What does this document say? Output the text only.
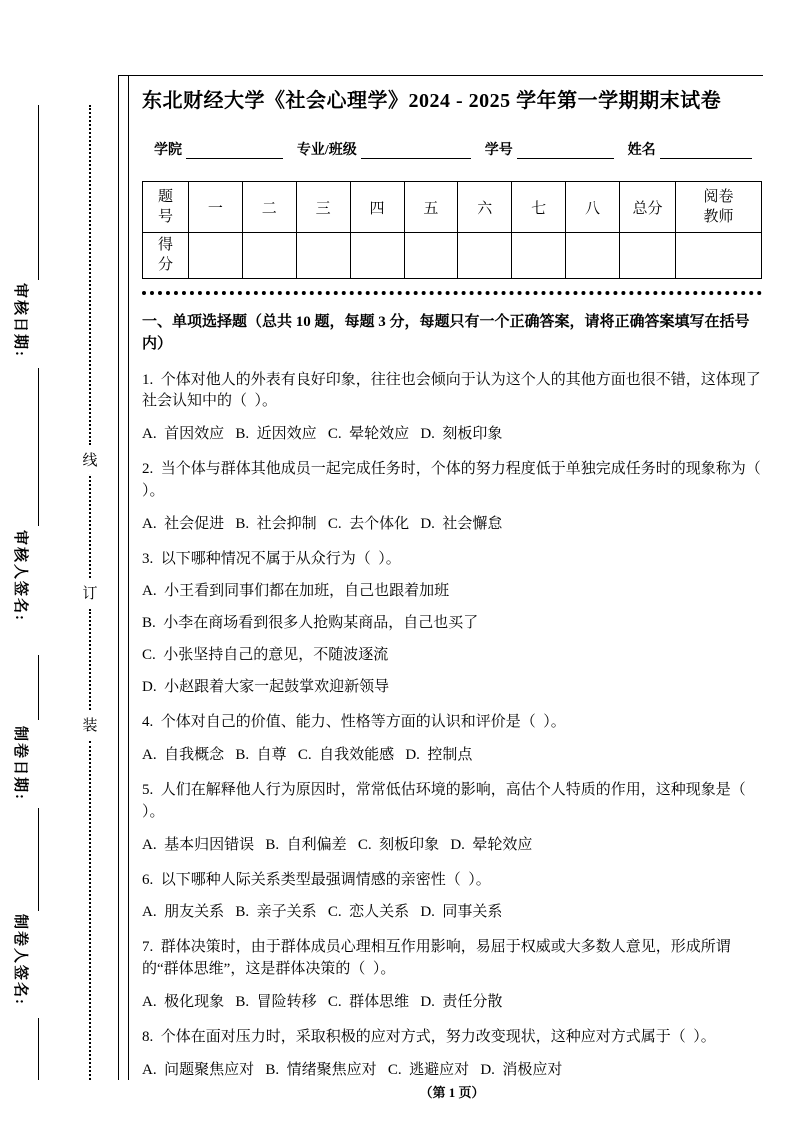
审核日期:
审核人签名:
制卷日期:
制卷人签名:
线
订
装
东北财经大学《社会心理学》2024 - 2025 学年第一学期期末试卷
学院	专业/班级	学号	姓名
题号	一	二	三	四	五	六	七	八	总分	阅卷教师
得分										
一、单项选择题（总共 10 题，每题 3 分，每题只有一个正确答案，请将正确答案填写在括号内）
1.  个体对他人的外表有良好印象，往往也会倾向于认为这个人的其他方面也很不错，这体现了社会认知中的（  ）。
A.  首因效应   B.  近因效应   C.  晕轮效应   D.  刻板印象
2.  当个体与群体其他成员一起完成任务时，个体的努力程度低于单独完成任务时的现象称为（  ）。
A.  社会促进   B.  社会抑制   C.  去个体化   D.  社会懈怠
3.  以下哪种情况不属于从众行为（  ）。
A.  小王看到同事们都在加班，自己也跟着加班
B.  小李在商场看到很多人抢购某商品，自己也买了
C.  小张坚持自己的意见，不随波逐流
D.  小赵跟着大家一起鼓掌欢迎新领导
4.  个体对自己的价值、能力、性格等方面的认识和评价是（  ）。
A.  自我概念   B.  自尊   C.  自我效能感   D.  控制点
5.  人们在解释他人行为原因时，常常低估环境的影响，高估个人特质的作用，这种现象是（  ）。
A.  基本归因错误   B.  自利偏差   C.  刻板印象   D.  晕轮效应
6.  以下哪种人际关系类型最强调情感的亲密性（  ）。
A.  朋友关系   B.  亲子关系   C.  恋人关系   D.  同事关系
7.  群体决策时，由于群体成员心理相互作用影响，易屈于权威或大多数人意见，形成所谓的“群体思维”，这是群体决策的（  ）。
A.  极化现象   B.  冒险转移   C.  群体思维   D.  责任分散
8.  个体在面对压力时，采取积极的应对方式，努力改变现状，这种应对方式属于（  ）。
A.  问题聚焦应对   B.  情绪聚焦应对   C.  逃避应对   D.  消极应对
（第 1 页）
